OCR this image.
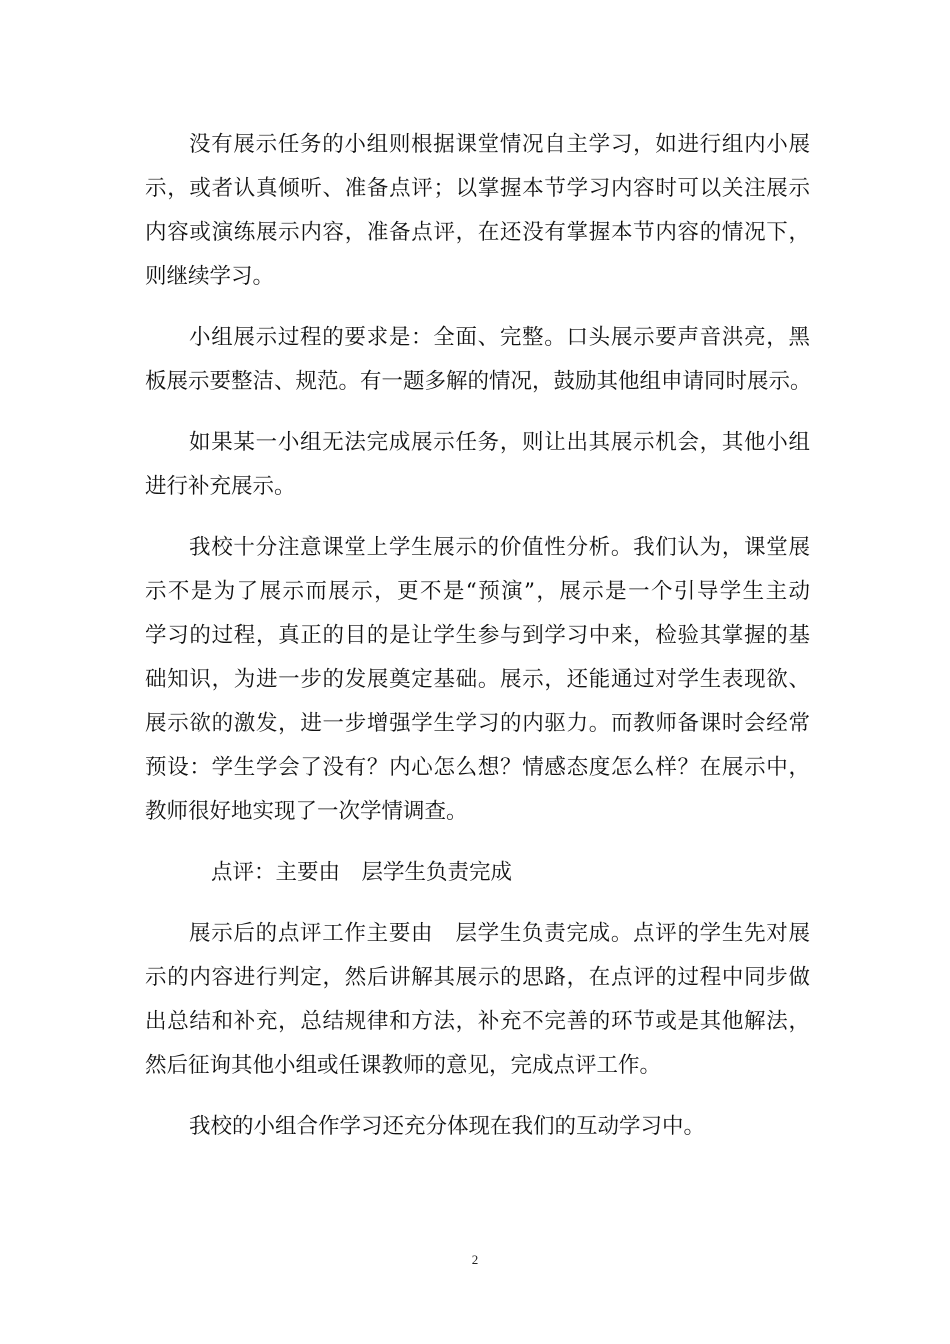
没有展示任务的小组则根据课堂情况自主学习，如进行组内小展
示，或者认真倾听、准备点评；以掌握本节学习内容时可以关注展示
内容或演练展示内容，准备点评，在还没有掌握本节内容的情况下，
则继续学习。
小组展示过程的要求是：全面、完整。口头展示要声音洪亮，黑
板展示要整洁、规范。有一题多解的情况，鼓励其他组申请同时展示。
如果某一小组无法完成展示任务，则让出其展示机会，其他小组
进行补充展示。
我校十分注意课堂上学生展示的价值性分析。我们认为，课堂展
示不是为了展示而展示，更不是“预演”，展示是一个引导学生主动
学习的过程，真正的目的是让学生参与到学习中来，检验其掌握的基
础知识，为进一步的发展奠定基础。展示，还能通过对学生表现欲、
展示欲的激发，进一步增强学生学习的内驱力。而教师备课时会经常
预设：学生学会了没有？内心怎么想？情感态度怎么样？在展示中，
教师很好地实现了一次学情调查。
点评：主要由　层学生负责完成
展示后的点评工作主要由　层学生负责完成。点评的学生先对展
示的内容进行判定，然后讲解其展示的思路，在点评的过程中同步做
出总结和补充，总结规律和方法，补充不完善的环节或是其他解法，
然后征询其他小组或任课教师的意见，完成点评工作。
我校的小组合作学习还充分体现在我们的互动学习中。
2
